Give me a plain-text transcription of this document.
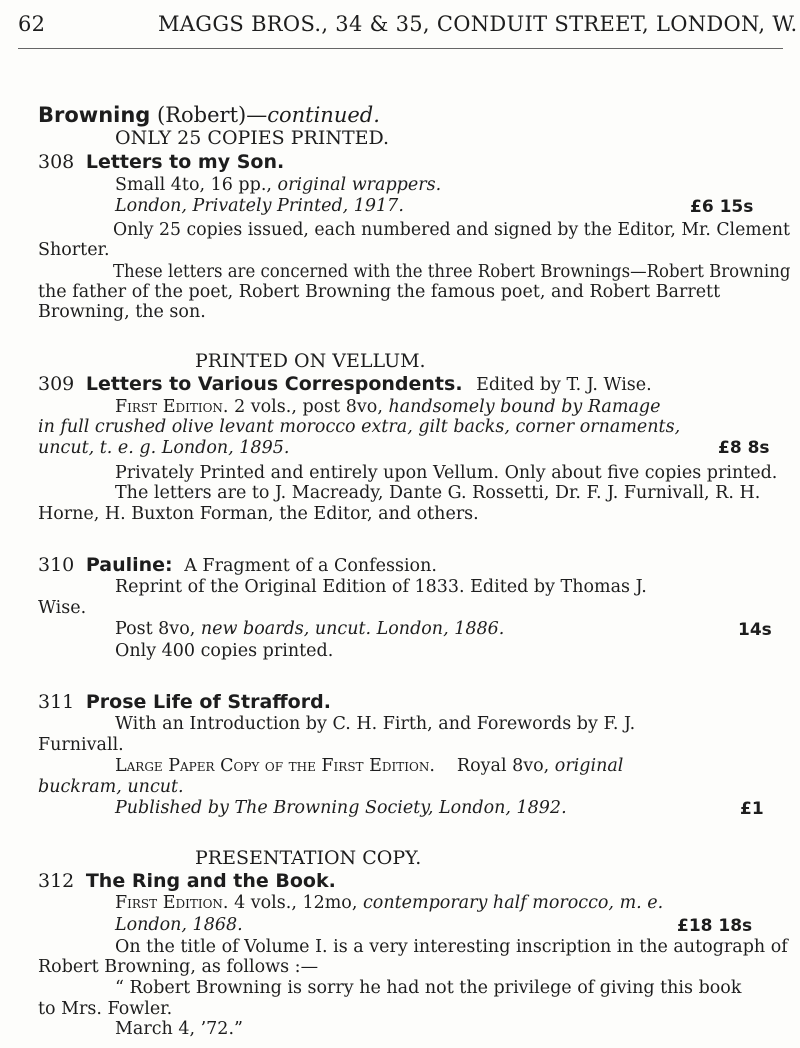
62	MAGGS BROS., 34 & 35, CONDUIT STREET, LONDON, W.
Browning (Robert)—continued.
ONLY 25 COPIES PRINTED.
308 Letters to my Son.
Small 4to, 16 pp., original wrappers.
London, Privately Printed, 1917.	£6 15s
Only 25 copies issued, each numbered and signed by the Editor, Mr. Clement
Shorter.
These letters are concerned with the three Robert Brownings—Robert Browning
the father of the poet, Robert Browning the famous poet, and Robert Barrett
Browning, the son.
PRINTED ON VELLUM.
309 Letters to Various Correspondents. Edited by T. J. Wise.
First Edition. 2 vols., post 8vo, handsomely bound by Ramage
in full crushed olive levant morocco extra, gilt backs, corner ornaments,
uncut, t. e. g. London, 1895.	£8 8s
Privately Printed and entirely upon Vellum. Only about five copies printed.
The letters are to J. Macready, Dante G. Rossetti, Dr. F. J. Furnivall, R. H.
Horne, H. Buxton Forman, the Editor, and others.
310 Pauline: A Fragment of a Confession.
Reprint of the Original Edition of 1833. Edited by Thomas J.
Wise.
Post 8vo, new boards, uncut. London, 1886.	14s
Only 400 copies printed.
311 Prose Life of Strafford.
With an Introduction by C. H. Firth, and Forewords by F. J.
Furnivall.
Large Paper Copy of the First Edition. Royal 8vo, original
buckram, uncut.
Published by The Browning Society, London, 1892.	£1
PRESENTATION COPY.
312 The Ring and the Book.
First Edition. 4 vols., 12mo, contemporary half morocco, m. e.
London, 1868.	£18 18s
On the title of Volume I. is a very interesting inscription in the autograph of
Robert Browning, as follows :—
“ Robert Browning is sorry he had not the privilege of giving this book
to Mrs. Fowler.
March 4, ’72.”
